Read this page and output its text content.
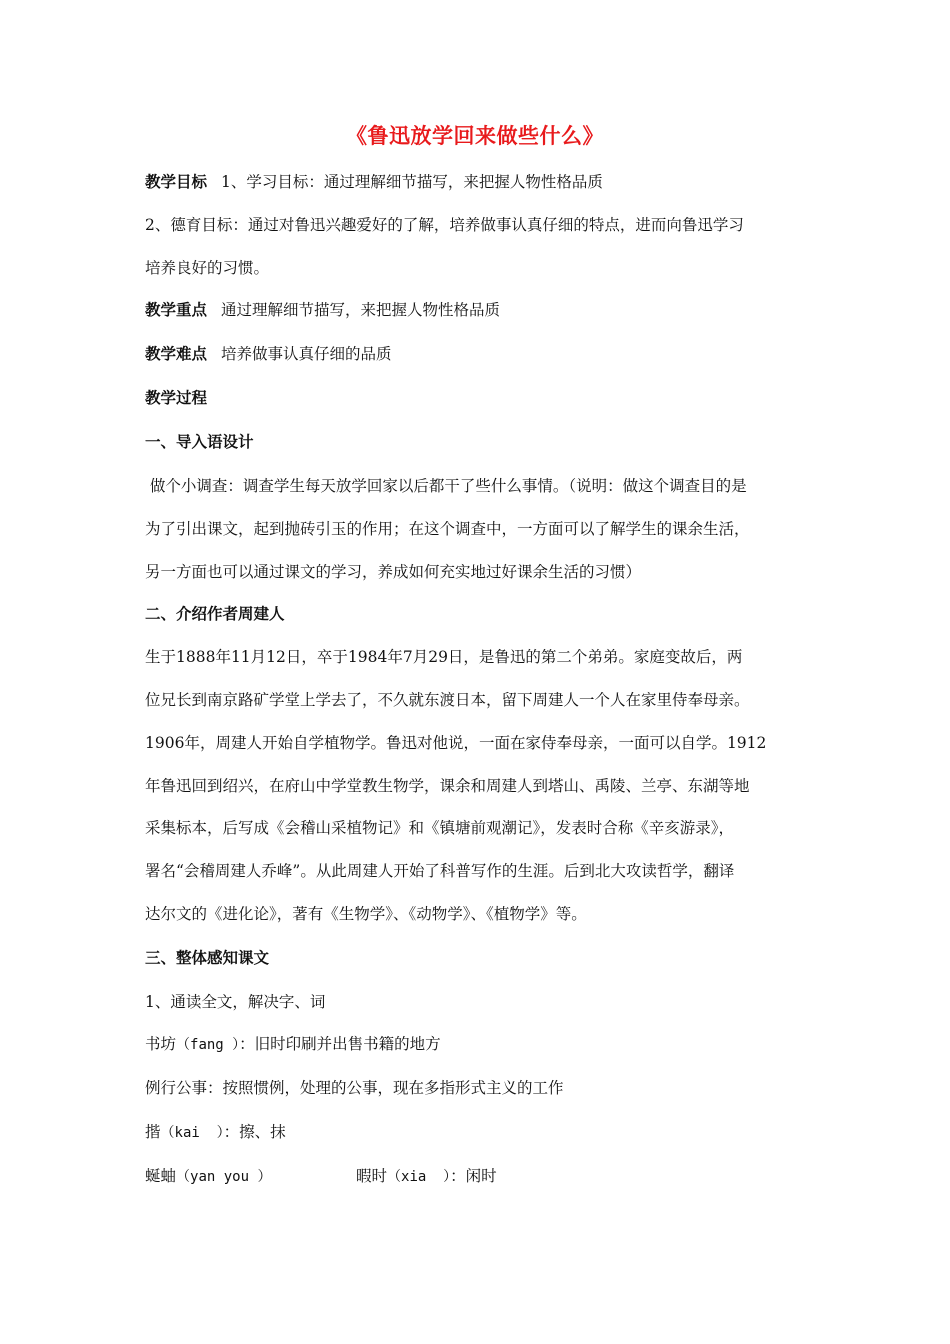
《鲁迅放学回来做些什么》
教学目标 1、学习目标：通过理解细节描写，来把握人物性格品质
2、德育目标：通过对鲁迅兴趣爱好的了解，培养做事认真仔细的特点，进而向鲁迅学习
培养良好的习惯。
教学重点 通过理解细节描写，来把握人物性格品质
教学难点 培养做事认真仔细的品质
教学过程
一、导入语设计
做个小调查：调查学生每天放学回家以后都干了些什么事情。（说明：做这个调查目的是
为了引出课文，起到抛砖引玉的作用；在这个调查中，一方面可以了解学生的课余生活，
另一方面也可以通过课文的学习，养成如何充实地过好课余生活的习惯）
二、介绍作者周建人
生于1888年11月12日，卒于1984年7月29日，是鲁迅的第二个弟弟。家庭变故后，两
位兄长到南京路矿学堂上学去了，不久就东渡日本，留下周建人一个人在家里侍奉母亲。
1906年，周建人开始自学植物学。鲁迅对他说，一面在家侍奉母亲，一面可以自学。1912
年鲁迅回到绍兴，在府山中学堂教生物学，课余和周建人到塔山、禹陵、兰亭、东湖等地
采集标本，后写成《会稽山采植物记》和《镇塘前观潮记》，发表时合称《辛亥游录》，
署名“会稽周建人乔峰”。从此周建人开始了科普写作的生涯。后到北大攻读哲学，翻译
达尔文的《进化论》，著有《生物学》、《动物学》、《植物学》等。
三、整体感知课文
1、通读全文，解决字、词
书坊（fang ）：旧时印刷并出售书籍的地方
例行公事：按照惯例，处理的公事，现在多指形式主义的工作
揩（kai  ）：擦、抹
蜒蚰（yan you ）	暇时（xia  ）：闲时
